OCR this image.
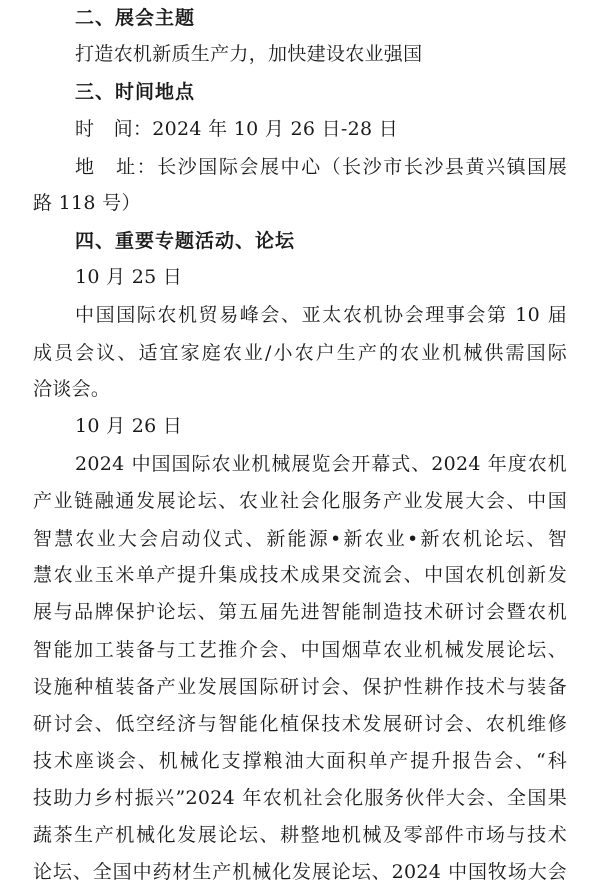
二、展会主题
打造农机新质生产力，加快建设农业强国
三、时间地点
时　间：2024 年 10 月 26 日-28 日
地　址：长沙国际会展中心（长沙市长沙县黄兴镇国展
路 118 号）
四、重要专题活动、论坛
10 月 25 日
中国国际农机贸易峰会、亚太农机协会理事会第 10 届
成员会议、适宜家庭农业/小农户生产的农业机械供需国际
洽谈会。
10 月 26 日
2024 中国国际农业机械展览会开幕式、2024 年度农机
产业链融通发展论坛、农业社会化服务产业发展大会、中国
智慧农业大会启动仪式、新能源•新农业•新农机论坛、智
慧农业玉米单产提升集成技术成果交流会、中国农机创新发
展与品牌保护论坛、第五届先进智能制造技术研讨会暨农机
智能加工装备与工艺推介会、中国烟草农业机械发展论坛、
设施种植装备产业发展国际研讨会、保护性耕作技术与装备
研讨会、低空经济与智能化植保技术发展研讨会、农机维修
技术座谈会、机械化支撑粮油大面积单产提升报告会、“科
技助力乡村振兴”2024 年农机社会化服务伙伴大会、全国果
蔬茶生产机械化发展论坛、耕整地机械及零部件市场与技术
论坛、全国中药材生产机械化发展论坛、2024 中国牧场大会
